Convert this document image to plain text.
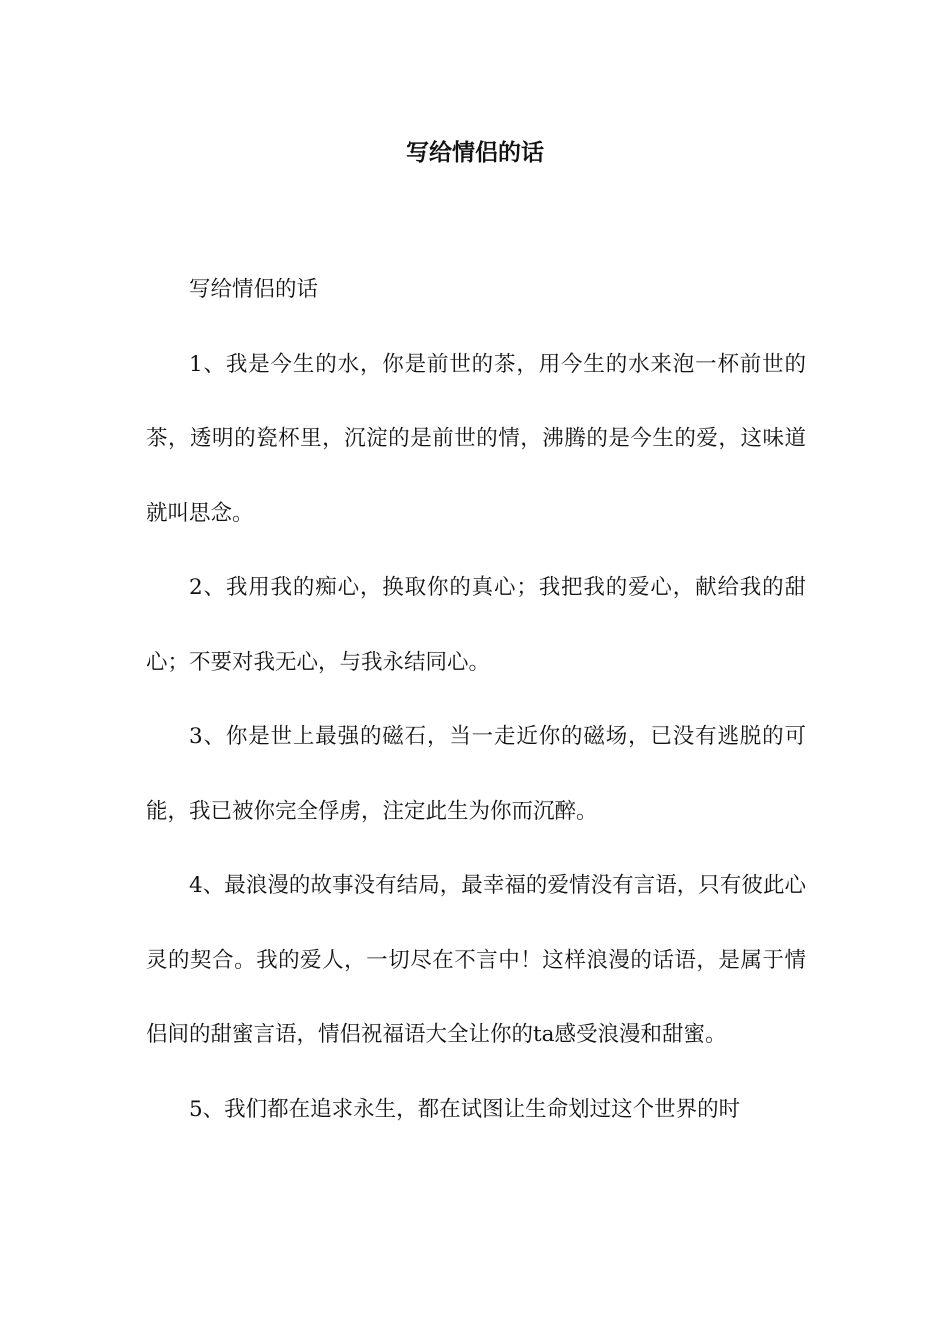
写给情侣的话

写给情侣的话

1、我是今生的水，你是前世的茶，用今生的水来泡一杯前世的茶，透明的瓷杯里，沉淀的是前世的情，沸腾的是今生的爱，这味道就叫思念。

2、我用我的痴心，换取你的真心；我把我的爱心，献给我的甜心；不要对我无心，与我永结同心。

3、你是世上最强的磁石，当一走近你的磁场，已没有逃脱的可能，我已被你完全俘虏，注定此生为你而沉醉。

4、最浪漫的故事没有结局，最幸福的爱情没有言语，只有彼此心灵的契合。我的爱人，一切尽在不言中！这样浪漫的话语，是属于情侣间的甜蜜言语，情侣祝福语大全让你的ta感受浪漫和甜蜜。

5、我们都在追求永生，都在试图让生命划过这个世界的时
